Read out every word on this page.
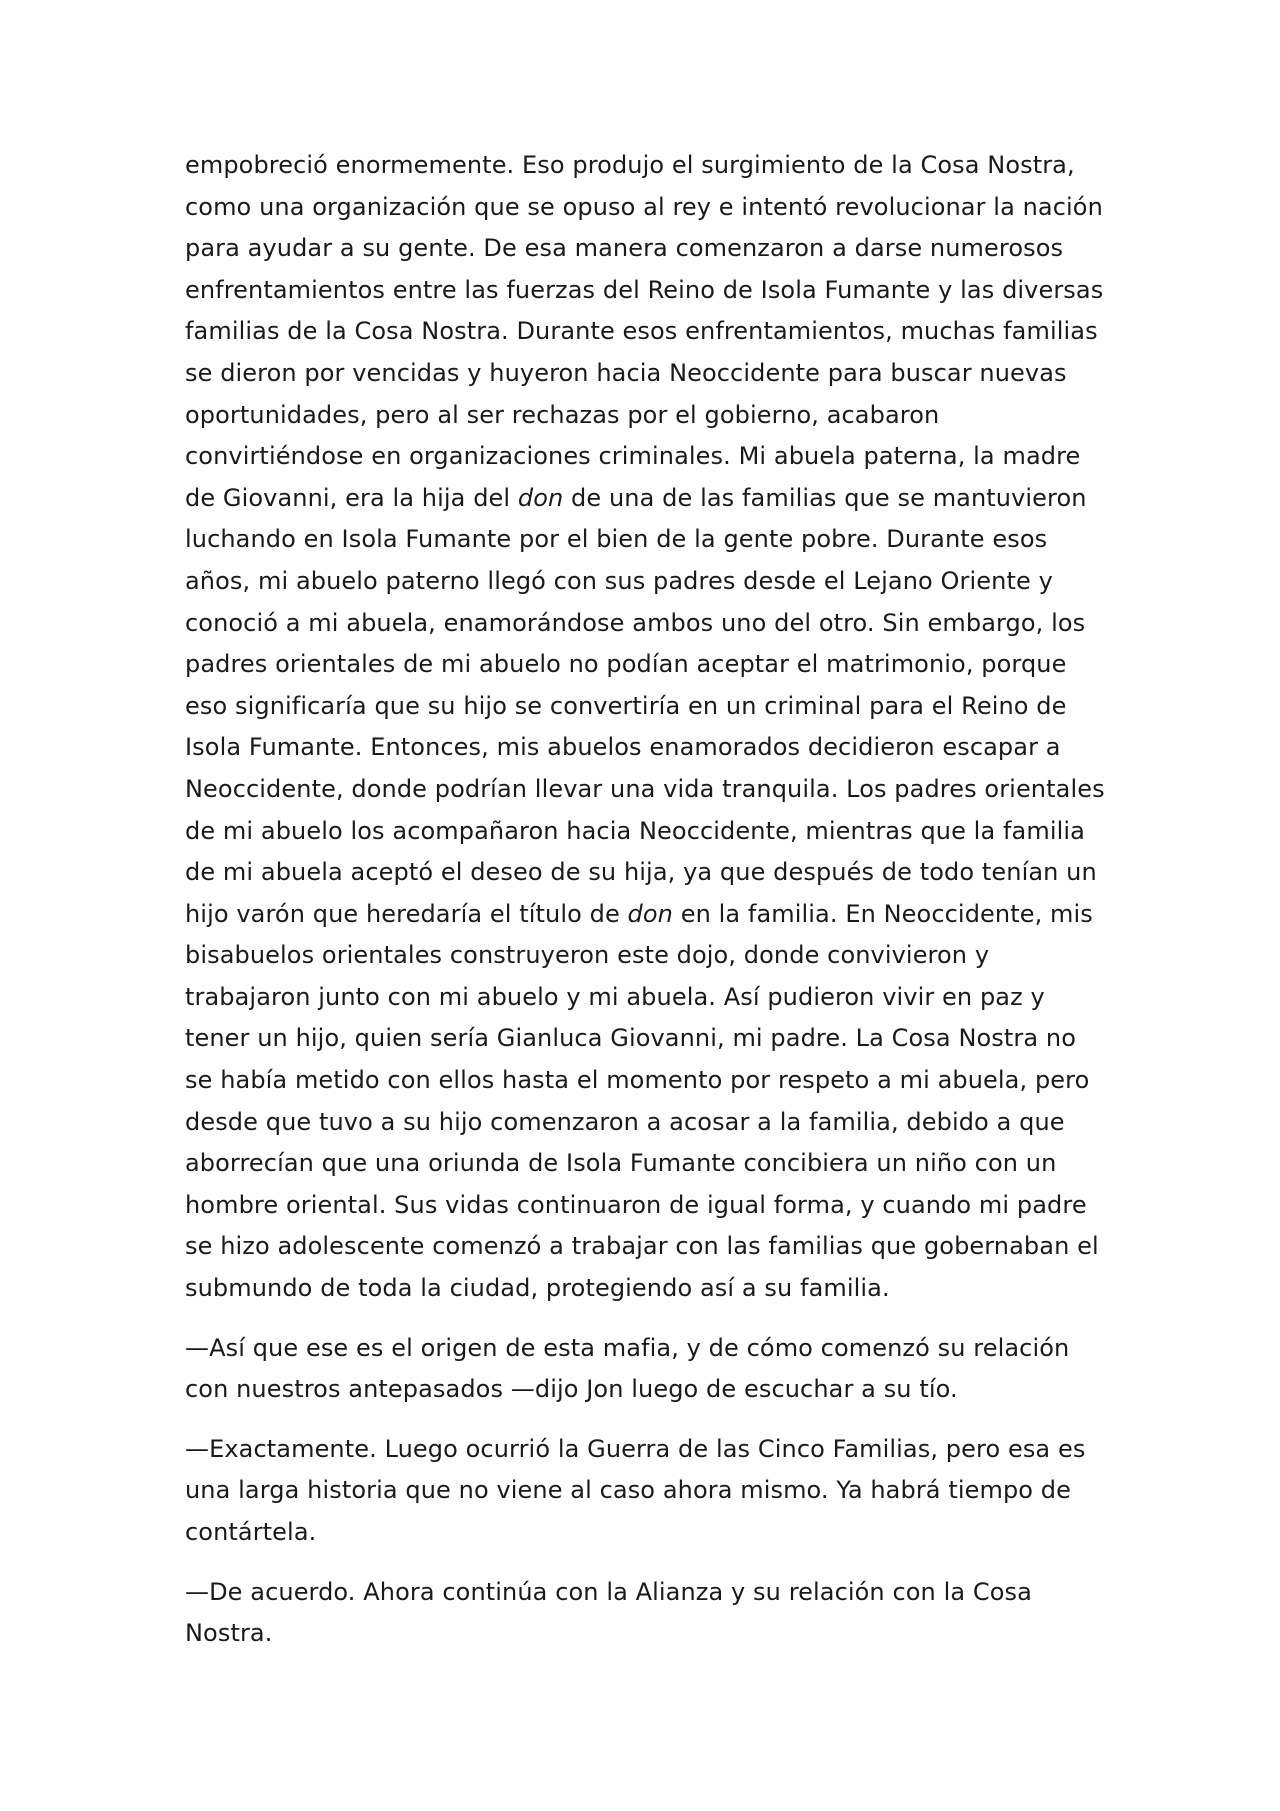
empobreció enormemente. Eso produjo el surgimiento de la Cosa Nostra, como una organización que se opuso al rey e intentó revolucionar la nación para ayudar a su gente. De esa manera comenzaron a darse numerosos enfrentamientos entre las fuerzas del Reino de Isola Fumante y las diversas familias de la Cosa Nostra. Durante esos enfrentamientos, muchas familias se dieron por vencidas y huyeron hacia Neoccidente para buscar nuevas oportunidades, pero al ser rechazas por el gobierno, acabaron convirtiéndose en organizaciones criminales. Mi abuela paterna, la madre de Giovanni, era la hija del don de una de las familias que se mantuvieron luchando en Isola Fumante por el bien de la gente pobre. Durante esos años, mi abuelo paterno llegó con sus padres desde el Lejano Oriente y conoció a mi abuela, enamorándose ambos uno del otro. Sin embargo, los padres orientales de mi abuelo no podían aceptar el matrimonio, porque eso significaría que su hijo se convertiría en un criminal para el Reino de Isola Fumante. Entonces, mis abuelos enamorados decidieron escapar a Neoccidente, donde podrían llevar una vida tranquila. Los padres orientales de mi abuelo los acompañaron hacia Neoccidente, mientras que la familia de mi abuela aceptó el deseo de su hija, ya que después de todo tenían un hijo varón que heredaría el título de don en la familia. En Neoccidente, mis bisabuelos orientales construyeron este dojo, donde convivieron y trabajaron junto con mi abuelo y mi abuela. Así pudieron vivir en paz y tener un hijo, quien sería Gianluca Giovanni, mi padre. La Cosa Nostra no se había metido con ellos hasta el momento por respeto a mi abuela, pero desde que tuvo a su hijo comenzaron a acosar a la familia, debido a que aborrecían que una oriunda de Isola Fumante concibiera un niño con un hombre oriental. Sus vidas continuaron de igual forma, y cuando mi padre se hizo adolescente comenzó a trabajar con las familias que gobernaban el submundo de toda la ciudad, protegiendo así a su familia.

—Así que ese es el origen de esta mafia, y de cómo comenzó su relación con nuestros antepasados —dijo Jon luego de escuchar a su tío.

—Exactamente. Luego ocurrió la Guerra de las Cinco Familias, pero esa es una larga historia que no viene al caso ahora mismo. Ya habrá tiempo de contártela.

—De acuerdo. Ahora continúa con la Alianza y su relación con la Cosa Nostra.
